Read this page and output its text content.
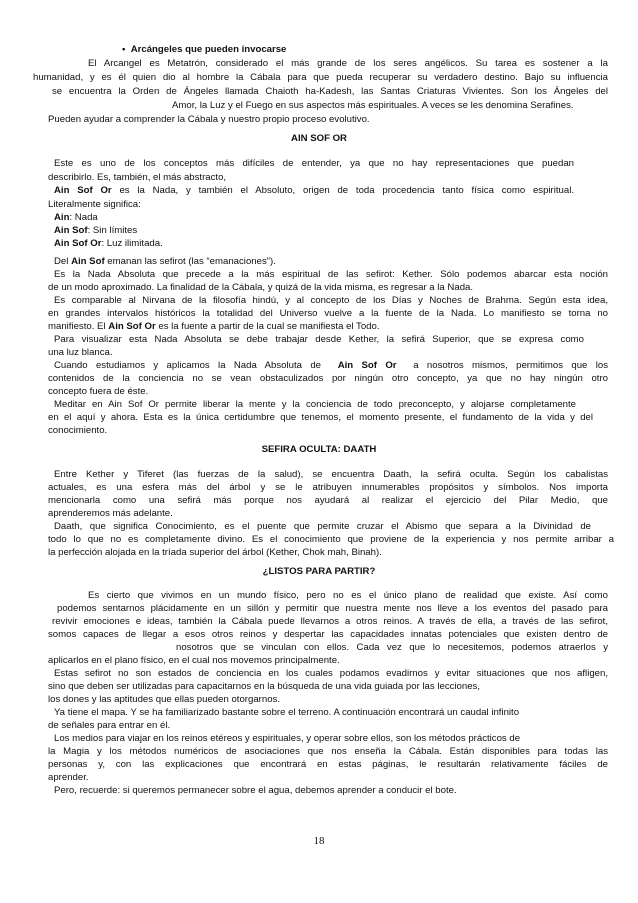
•  Arcángeles que pueden invocarse
El Arcangel es Metatrón, considerado el más grande de los seres angélicos. Su tarea es sostener a la
humanidad, y es él quien dio al hombre la Cábala para que pueda recuperar su verdadero destino. Bajo su influencia
se encuentra la Orden de Ángeles llamada Chaioth ha-Kadesh, las Santas Criaturas Vivientes. Son los Ángeles del
Amor, la Luz y el Fuego en sus aspectos más espirituales. A veces se les denomina Serafines.
Pueden ayudar a comprender la Cábala y nuestro propio proceso evolutivo.
AIN SOF OR
Este es uno de los conceptos más difíciles de entender, ya que no hay representaciones que puedan
describirlo. Es, también, el más abstracto,
Ain Sof Or es la Nada, y también el Absoluto, origen de toda procedencia tanto física como espiritual.
Literalmente significa:
Ain: Nada
Ain Sof: Sin límites
Ain Sof Or: Luz ilimitada.
Del Ain Sof emanan las sefirot (las “emanaciones”).
Es la Nada Absoluta que precede a la más espiritual de las sefirot: Kether. Sólo podemos abarcar esta noción
de un modo aproximado. La finalidad de la Cábala, y quizá de la vida misma, es regresar a la Nada.
Es comparable al Nirvana de la filosofía hindú, y al concepto de los Días y Noches de Brahma. Según esta idea,
en grandes intervalos históricos la totalidad del Universo vuelve a la fuente de la Nada. Lo manifiesto se torna no
manifiesto. El Ain Sof Or es la fuente a partir de la cual se manifiesta el Todo.
Para visualizar esta Nada Absoluta se debe trabajar desde Kether, la sefirá Superior, que se expresa como
una luz blanca.
Cuando estudiamos y aplicamos la Nada Absoluta de  Ain Sof Or  a nosotros mismos, permitimos que los
contenidos de la conciencia no se vean obstaculizados por ningún otro concepto, ya que no hay ningún otro
concepto fuera de éste.
Meditar en Ain Sof Or permite liberar la mente y la conciencia de todo preconcepto, y alojarse completamente
en el aquí y ahora. Esta es la única certidumbre que tenemos, el momento presente, el fundamento de la vida y del
conocimiento.
SEFIRA OCULTA: DAATH
Entre Kether y Tiferet (las fuerzas de la salud), se encuentra Daath, la sefirá oculta. Según los cabalistas
actuales, es una esfera más del árbol y se le atribuyen innumerables propósitos y símbolos. Nos importa
mencionarla como una sefirá más porque nos ayudará al realizar el ejercicio del Pilar Medio, que
aprenderemos más adelante.
Daath, que significa Conocimiento, es el puente que permite cruzar el Abismo que separa a la Divinidad de
todo lo que no es completamente divino. Es el conocimiento que proviene de la experiencia y nos permite arribar a
la perfección alojada en la tríada superior del árbol (Kether, Chok mah, Binah).
¿LISTOS PARA PARTIR?
Es cierto que vivimos en un mundo físico, pero no es el único plano de realidad que existe. Así como
podemos sentarnos plácidamente en un sillón y permitir que nuestra mente nos lleve a los eventos del pasado para
revivir emociones e ideas, también la Cábala puede llevarnos a otros reinos. A través de ella, a través de las sefirot,
somos capaces de llegar a esos otros reinos y despertar las capacidades innatas potenciales que existen dentro de
nosotros que se vinculan con ellos. Cada vez que lo necesitemos, podemos atraerlos y
aplicarlos en el plano físico, en el cual nos movemos principalmente.
Estas sefirot no son estados de conciencia en los cuales podamos evadirnos y evitar situaciones que nos afligen,
sino que deben ser utilizadas para capacitarnos en la búsqueda de una vida guiada por las lecciones,
los dones y las aptitudes que ellas pueden otorgarnos.
Ya tiene el mapa. Y se ha familiarizado bastante sobre el terreno. A continuación encontrará un caudal infinito
de señales para entrar en él.
Los medios para viajar en los reinos etéreos y espirituales, y operar sobre ellos, son los métodos prácticos de
la Magia y los métodos numéricos de asociaciones que nos enseña la Cábala. Están disponibles para todas las
personas y, con las explicaciones que encontrará en estas páginas, le resultarán relativamente fáciles de
aprender.
Pero, recuerde: si queremos permanecer sobre el agua, debemos aprender a conducir el bote.
18
